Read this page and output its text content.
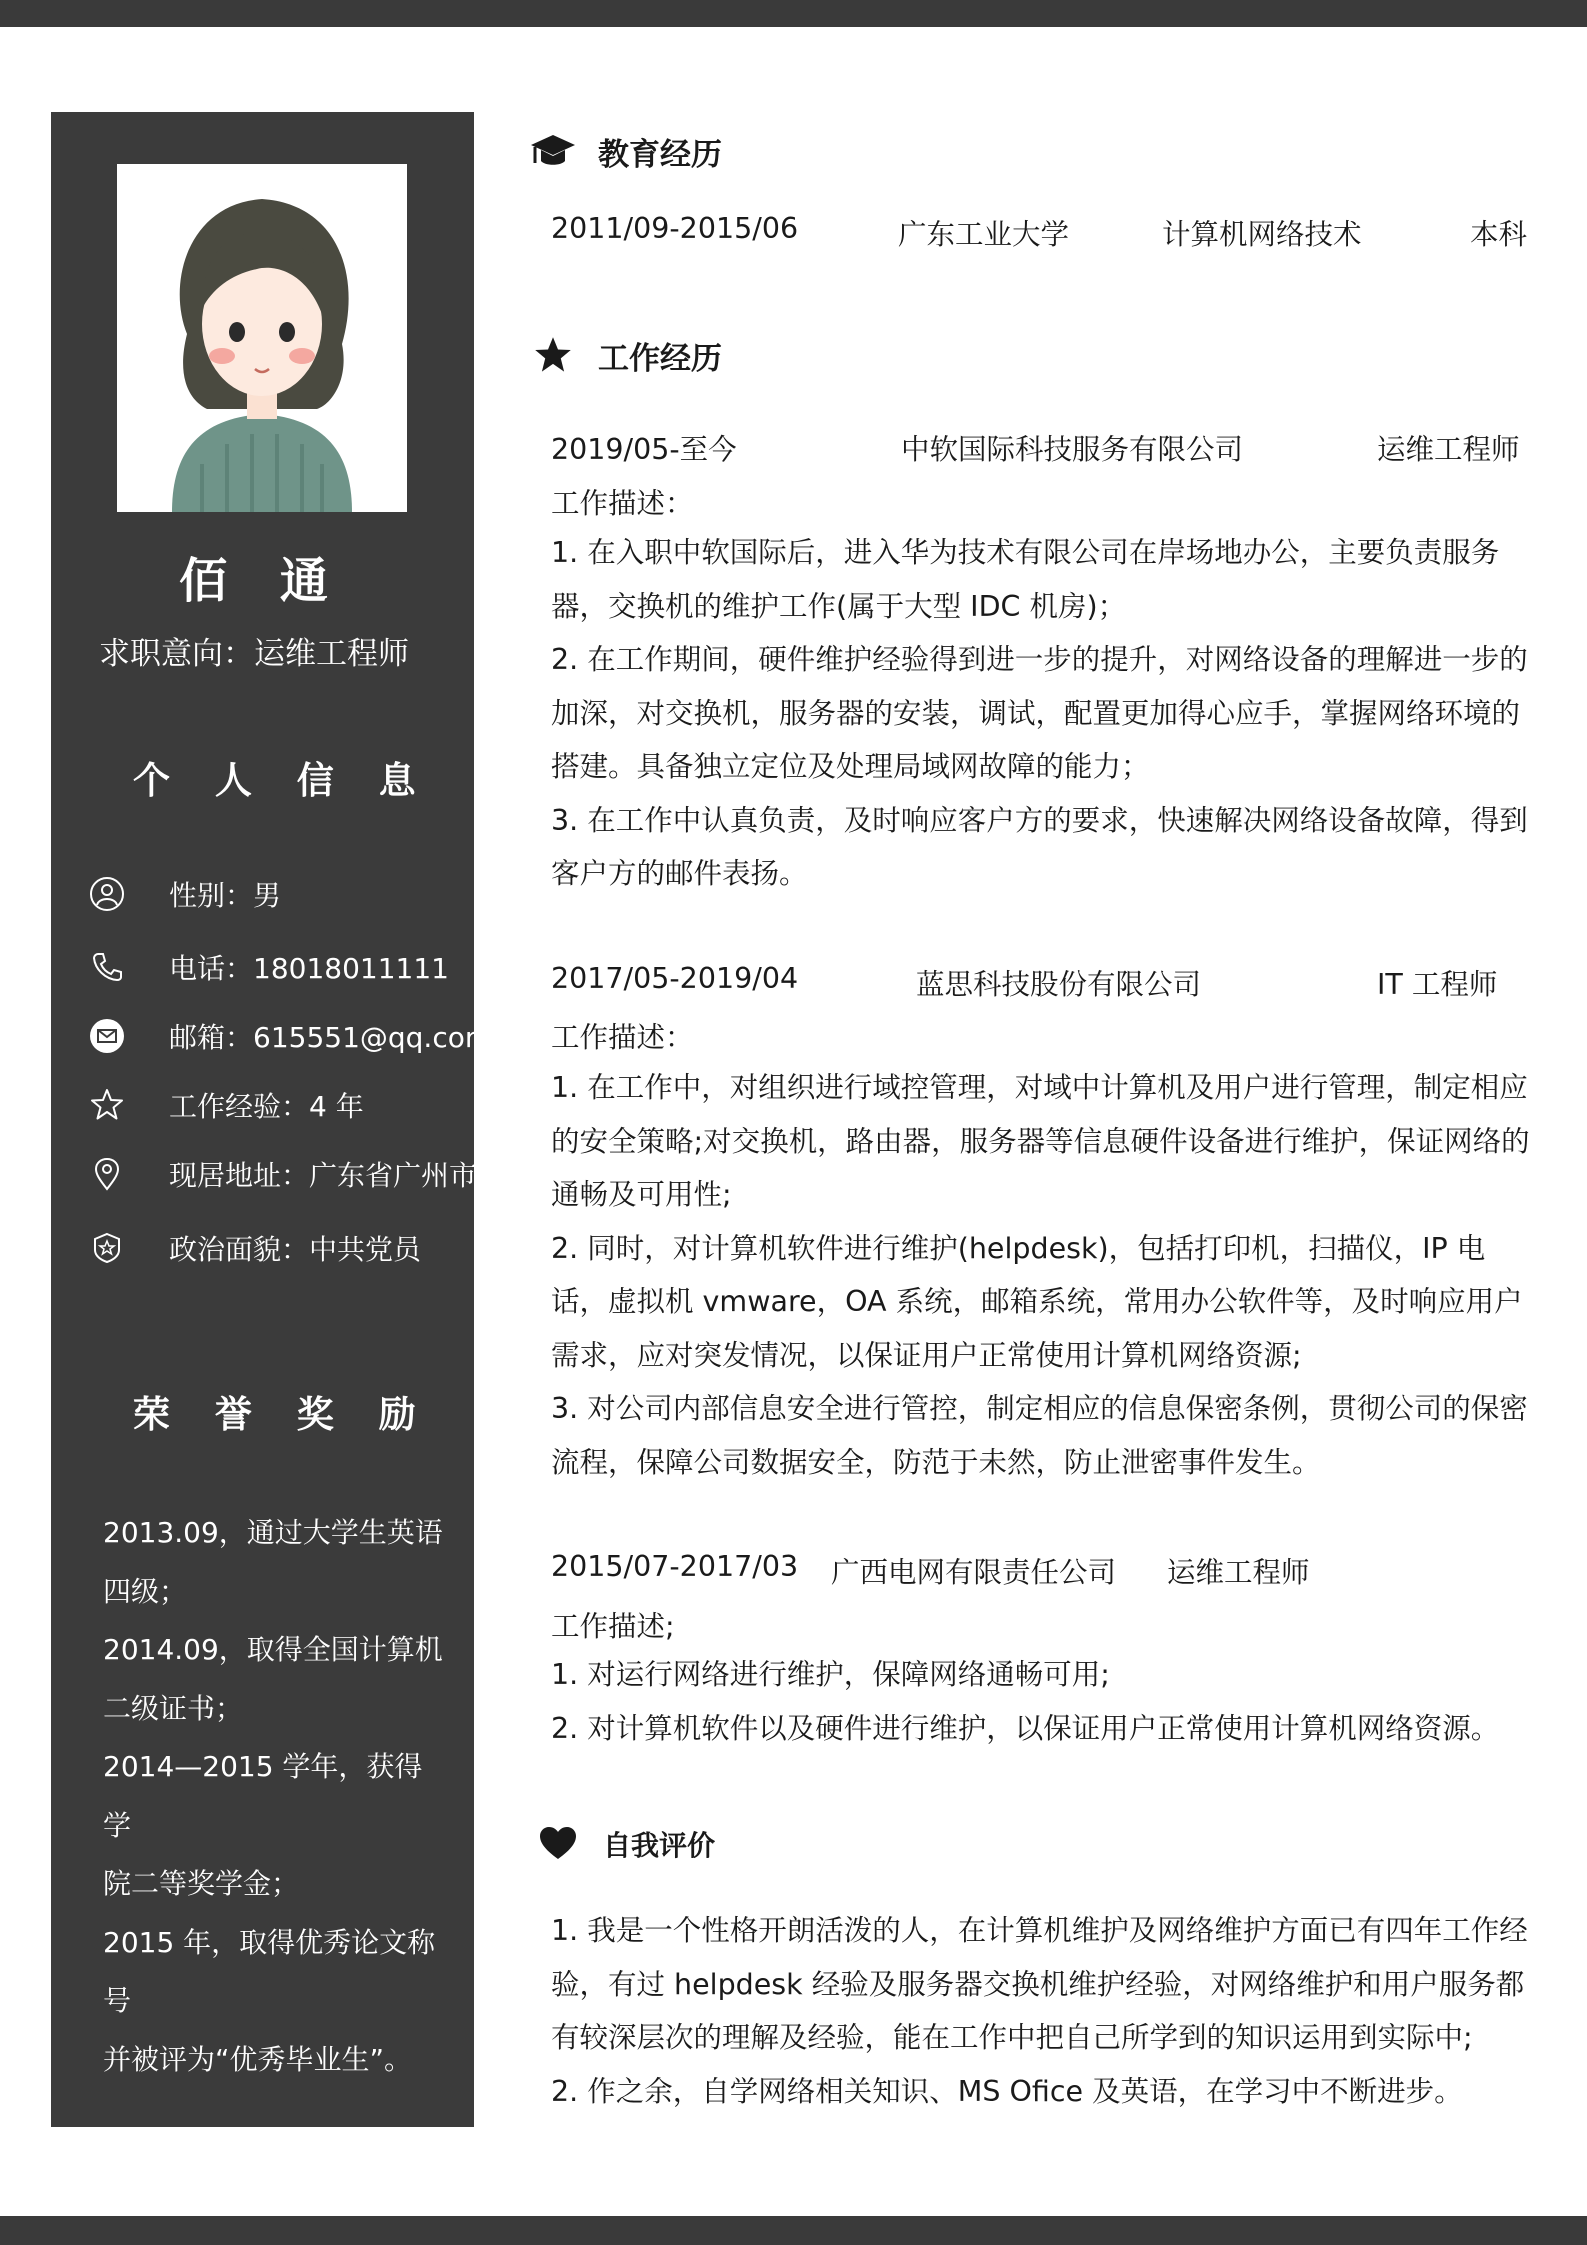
佰 通
求职意向：运维工程师
个 人 信 息
性别：男
电话：18018011111
邮箱：615551@qq.com
工作经验：4 年
现居地址：广东省广州市
政治面貌：中共党员
荣 誉 奖 励
2013.09，通过大学生英语
四级；
2014.09，取得全国计算机
二级证书；
2014—2015 学年，获得学
院二等奖学金；
2015 年，取得优秀论文称号
并被评为“优秀毕业生”。
教育经历
2011/09-2015/06	广东工业大学	计算机网络技术	本科
工作经历
2019/05-至今	中软国际科技服务有限公司	运维工程师
工作描述：
1. 在入职中软国际后，进入华为技术有限公司在岸场地办公，主要负责服务器，交换机的维护工作(属于大型 IDC 机房)；
2. 在工作期间，硬件维护经验得到进一步的提升，对网络设备的理解进一步的加深，对交换机，服务器的安装，调试，配置更加得心应手，掌握网络环境的搭建。具备独立定位及处理局域网故障的能力；
3. 在工作中认真负责，及时响应客户方的要求，快速解决网络设备故障，得到客户方的邮件表扬。
2017/05-2019/04	蓝思科技股份有限公司	IT 工程师
工作描述：
1. 在工作中，对组织进行域控管理，对域中计算机及用户进行管理，制定相应的安全策略;对交换机，路由器，服务器等信息硬件设备进行维护，保证网络的通畅及可用性;
2. 同时，对计算机软件进行维护(helpdesk)，包括打印机，扫描仪，IP 电话，虚拟机 vmware，OA 系统，邮箱系统，常用办公软件等，及时响应用户需求，应对突发情况，以保证用户正常使用计算机网络资源;
3. 对公司内部信息安全进行管控，制定相应的信息保密条例，贯彻公司的保密流程，保障公司数据安全，防范于未然，防止泄密事件发生。
2015/07-2017/03 广西电网有限责任公司 运维工程师
工作描述;
1. 对运行网络进行维护，保障网络通畅可用;
2. 对计算机软件以及硬件进行维护，以保证用户正常使用计算机网络资源。
自我评价
1. 我是一个性格开朗活泼的人，在计算机维护及网络维护方面已有四年工作经验，有过 helpdesk 经验及服务器交换机维护经验，对网络维护和用户服务都有较深层次的理解及经验，能在工作中把自己所学到的知识运用到实际中;
2. 作之余，自学网络相关知识、MS Ofice 及英语，在学习中不断进步。
